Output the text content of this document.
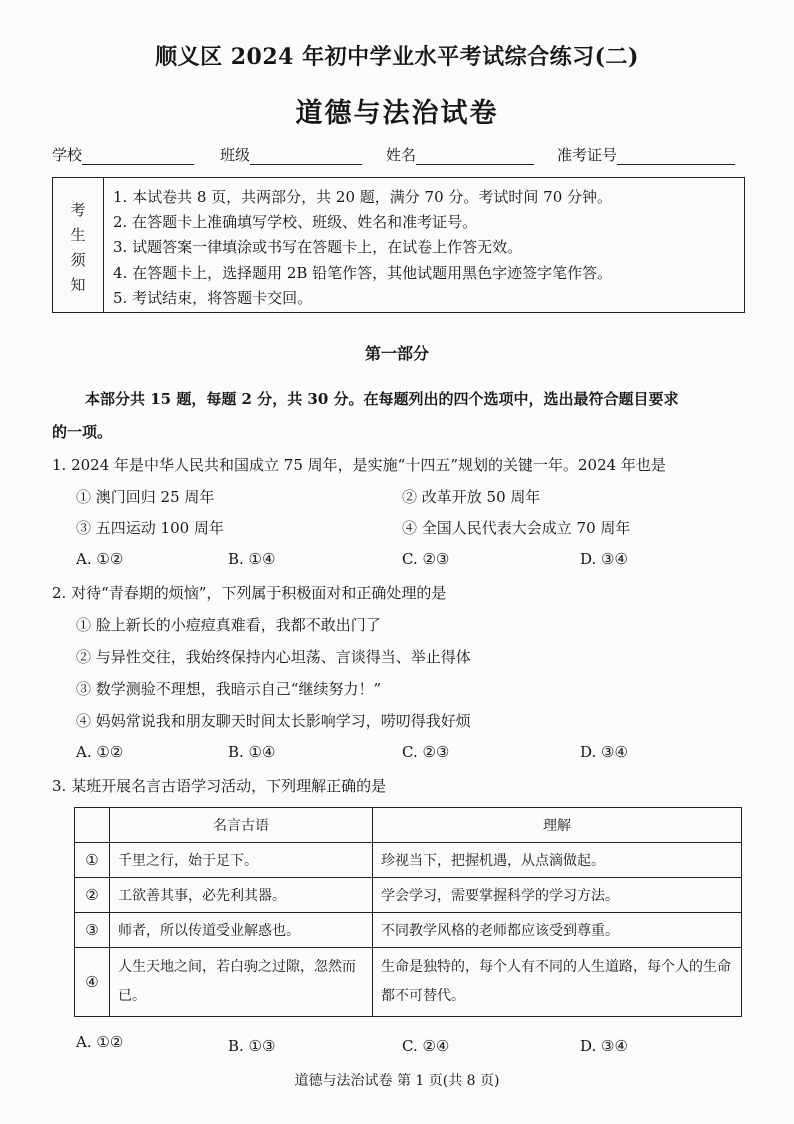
顺义区 2024 年初中学业水平考试综合练习(二)
道德与法治试卷
学校	班级	姓名	准考证号
考
生
须
知
1. 本试卷共 8 页，共两部分，共 20 题，满分 70 分。考试时间 70 分钟。
2. 在答题卡上准确填写学校、班级、姓名和准考证号。
3. 试题答案一律填涂或书写在答题卡上，在试卷上作答无效。
4. 在答题卡上，选择题用 2B 铅笔作答，其他试题用黑色字迹签字笔作答。
5. 考试结束，将答题卡交回。
第一部分
本部分共 15 题，每题 2 分，共 30 分。在每题列出的四个选项中，选出最符合题目要求
的一项。
1. 2024 年是中华人民共和国成立 75 周年，是实施“十四五”规划的关键一年。2024 年也是
① 澳门回归 25 周年	② 改革开放 50 周年
③ 五四运动 100 周年	④ 全国人民代表大会成立 70 周年
A. ①②	B. ①④	C. ②③	D. ③④
2. 对待“青春期的烦恼”，下列属于积极面对和正确处理的是
① 脸上新长的小痘痘真难看，我都不敢出门了
② 与异性交往，我始终保持内心坦荡、言谈得当、举止得体
③ 数学测验不理想，我暗示自己“继续努力！”
④ 妈妈常说我和朋友聊天时间太长影响学习，唠叨得我好烦
A. ①②	B. ①④	C. ②③	D. ③④
3. 某班开展名言古语学习活动，下列理解正确的是
	名言古语	理解
①	千里之行，始于足下。	珍视当下，把握机遇，从点滴做起。
②	工欲善其事，必先利其器。	学会学习，需要掌握科学的学习方法。
③	师者，所以传道受业解惑也。	不同教学风格的老师都应该受到尊重。
④	人生天地之间，若白驹之过隙，忽然而已。	生命是独特的，每个人有不同的人生道路，每个人的生命都不可替代。
A. ①②	B. ①③	C. ②④	D. ③④
道德与法治试卷 第 1 页(共 8 页)
